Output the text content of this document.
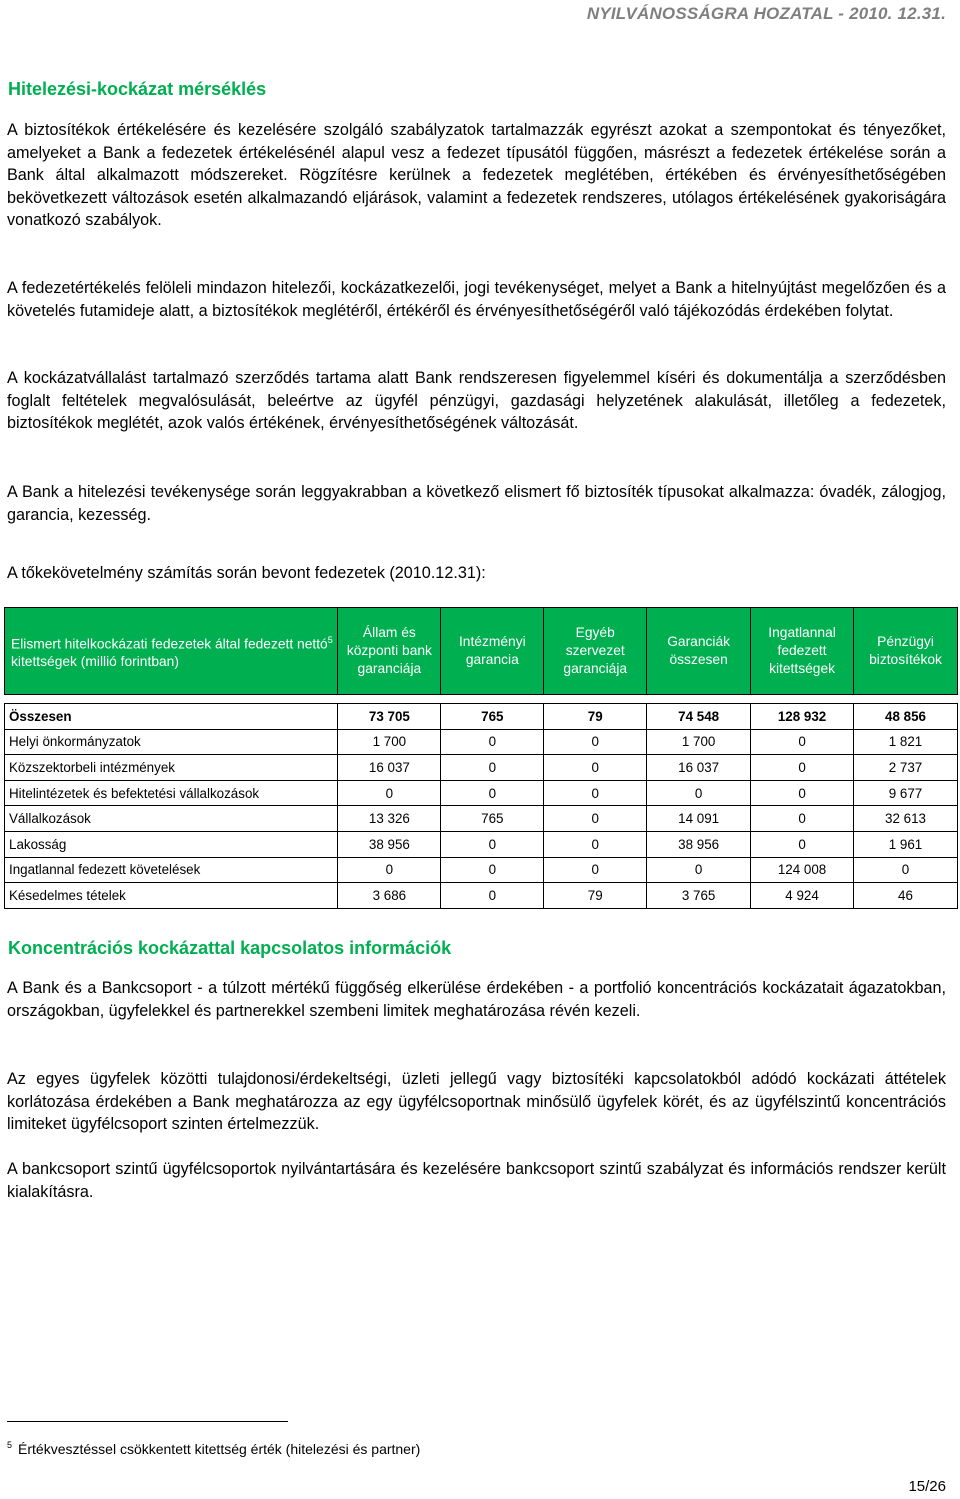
NYILVÁNOSSÁGRA HOZATAL - 2010. 12.31.
Hitelezési-kockázat mérséklés
A biztosítékok értékelésére és kezelésére szolgáló szabályzatok tartalmazzák egyrészt azokat a szempontokat és tényezőket, amelyeket a Bank a fedezetek értékelésénél alapul vesz a fedezet típusától függően, másrészt a fedezetek értékelése során a Bank által alkalmazott módszereket. Rögzítésre kerülnek a fedezetek meglétében, értékében és érvényesíthetőségében bekövetkezett változások esetén alkalmazandó eljárások, valamint a fedezetek rendszeres, utólagos értékelésének gyakoriságára vonatkozó szabályok.
A fedezetértékelés felöleli mindazon hitelezői, kockázatkezelői, jogi tevékenységet, melyet a Bank a hitelnyújtást megelőzően és a követelés futamideje alatt, a biztosítékok meglétéről, értékéről és érvényesíthetőségéről való tájékozódás érdekében folytat.
A kockázatvállalást tartalmazó szerződés tartama alatt Bank rendszeresen figyelemmel kíséri és dokumentálja a szerződésben foglalt feltételek megvalósulását, beleértve az ügyfél pénzügyi, gazdasági helyzetének alakulását, illetőleg a fedezetek, biztosítékok meglétét, azok valós értékének, érvényesíthetőségének változását.
A Bank a hitelezési tevékenysége során leggyakrabban a következő elismert fő biztosíték típusokat alkalmazza: óvadék, zálogjog, garancia, kezesség.
A tőkekövetelmény számítás során bevont fedezetek (2010.12.31):
Elismert hitelkockázati fedezetek által fedezett nettó$^5$ kitettségek (millió forintban)	Állam és központi bank garanciája	Intézményi garancia	Egyéb szervezet garanciája	Garanciák összesen	Ingatlannal fedezett kitettségek	Pénzügyi biztosítékok

Összesen	73 705	765	79	74 548	128 932	48 856
Helyi önkormányzatok	1 700	0	0	1 700	0	1 821
Közszektorbeli intézmények	16 037	0	0	16 037	0	2 737
Hitelintézetek és befektetési vállalkozások	0	0	0	0	0	9 677
Vállalkozások	13 326	765	0	14 091	0	32 613
Lakosság	38 956	0	0	38 956	0	1 961
Ingatlannal fedezett követelések	0	0	0	0	124 008	0
Késedelmes tételek	3 686	0	79	3 765	4 924	46
Koncentrációs kockázattal kapcsolatos információk
A Bank és a Bankcsoport - a túlzott mértékű függőség elkerülése érdekében - a portfolió koncentrációs kockázatait ágazatokban, országokban, ügyfelekkel és partnerekkel szembeni limitek meghatározása révén kezeli.
Az egyes ügyfelek közötti tulajdonosi/érdekeltségi, üzleti jellegű vagy biztosítéki kapcsolatokból adódó kockázati áttételek korlátozása érdekében a Bank meghatározza az egy ügyfélcsoportnak minősülő ügyfelek körét, és az ügyfélszintű koncentrációs limiteket ügyfélcsoport szinten értelmezzük.
A bankcsoport szintű ügyfélcsoportok nyilvántartására és kezelésére bankcsoport szintű szabályzat és információs rendszer került kialakításra.
$^5$ Értékvesztéssel csökkentett kitettség érték (hitelezési és partner)
15/26
